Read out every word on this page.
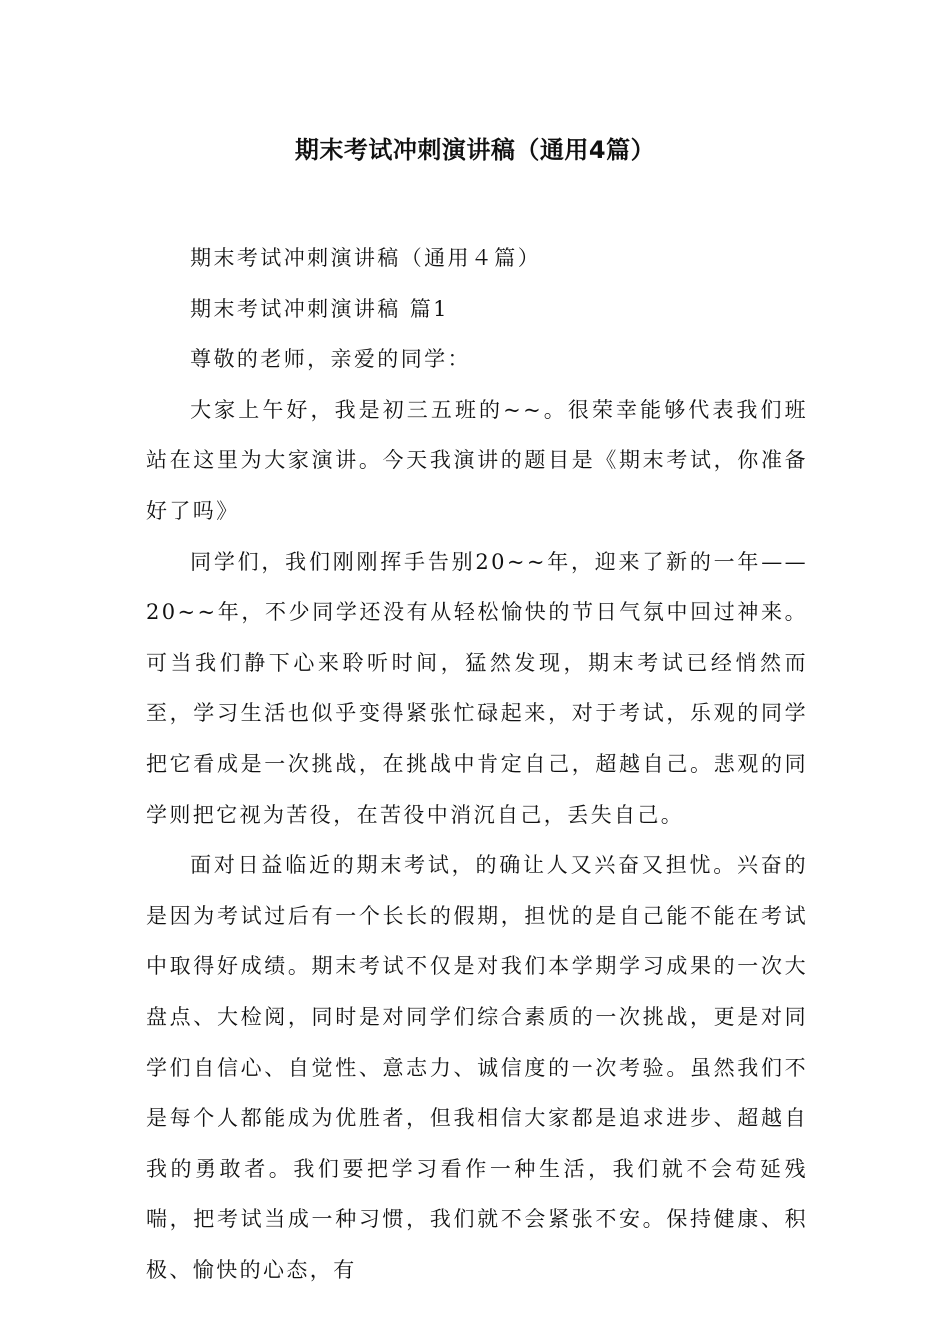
期末考试冲刺演讲稿（通用4篇）

期末考试冲刺演讲稿（通用４篇）

期末考试冲刺演讲稿 篇1

尊敬的老师，亲爱的同学：

大家上午好，我是初三五班的~~。很荣幸能够代表我们班站在这里为大家演讲。今天我演讲的题目是《期末考试，你准备好了吗》

同学们，我们刚刚挥手告别20~~年，迎来了新的一年——20~~年，不少同学还没有从轻松愉快的节日气氛中回过神来。可当我们静下心来聆听时间，猛然发现，期末考试已经悄然而至，学习生活也似乎变得紧张忙碌起来，对于考试，乐观的同学把它看成是一次挑战，在挑战中肯定自己，超越自己。悲观的同学则把它视为苦役，在苦役中消沉自己，丢失自己。

面对日益临近的期末考试，的确让人又兴奋又担忧。兴奋的是因为考试过后有一个长长的假期，担忧的是自己能不能在考试中取得好成绩。期末考试不仅是对我们本学期学习成果的一次大盘点、大检阅，同时是对同学们综合素质的一次挑战，更是对同学们自信心、自觉性、意志力、诚信度的一次考验。虽然我们不是每个人都能成为优胜者，但我相信大家都是追求进步、超越自我的勇敢者。我们要把学习看作一种生活，我们就不会苟延残喘，把考试当成一种习惯，我们就不会紧张不安。保持健康、积极、愉快的心态，有
